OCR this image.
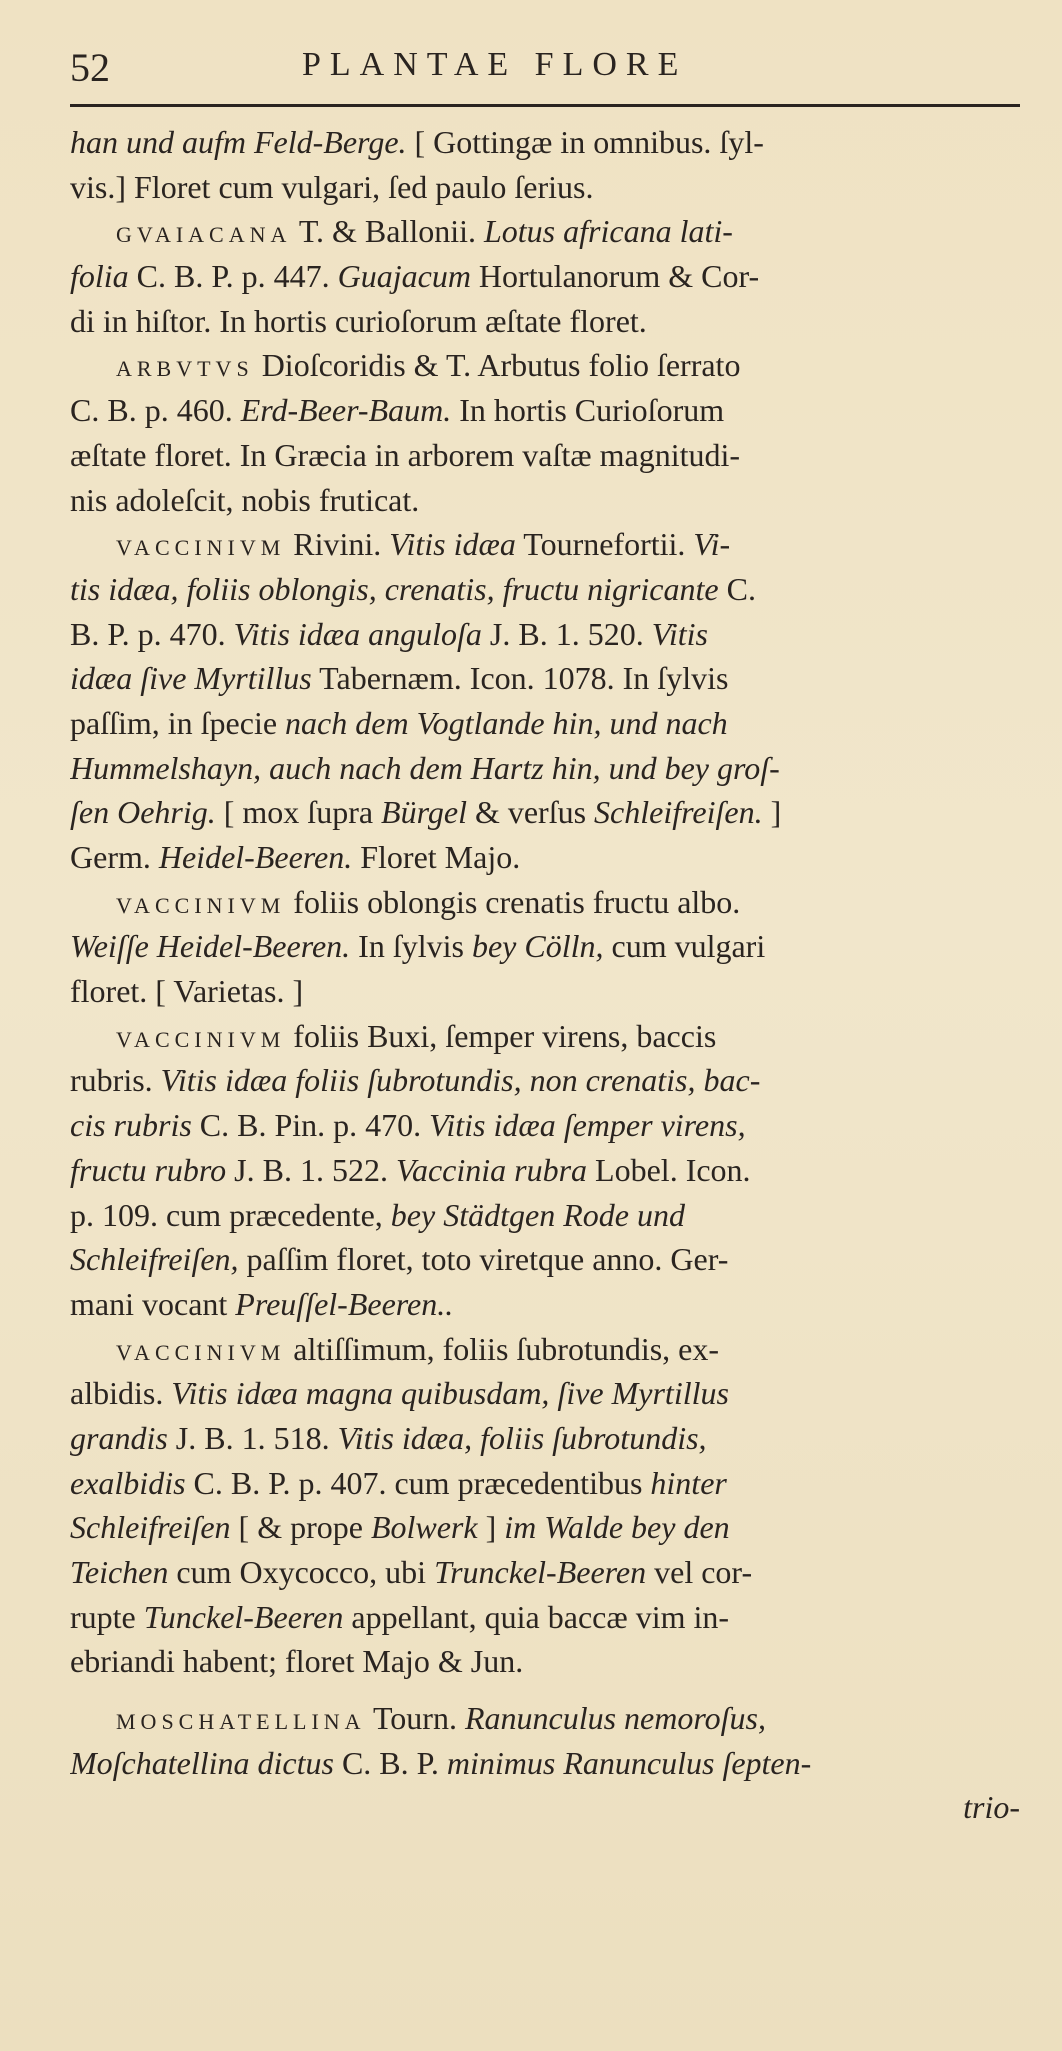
52	PLANTAE FLORE
han und aufm Feld-Berge. [ Gottingæ in omnibus. ſyl-
vis.] Floret cum vulgari, ſed paulo ſerius.
GVAIACANA T. & Ballonii. Lotus africana lati-
folia C. B. P. p. 447. Guajacum Hortulanorum & Cor-
di in hiſtor. In hortis curioſorum æſtate floret.
ARBVTVS Dioſcoridis & T. Arbutus folio ſerrato
C. B. p. 460. Erd-Beer-Baum. In hortis Curioſorum
æſtate floret. In Græcia in arborem vaſtæ magnitudi-
nis adoleſcit, nobis fruticat.
VACCINIVM Rivini. Vitis idæa Tournefortii. Vi-
tis idæa, foliis oblongis, crenatis, fructu nigricante C.
B. P. p. 470. Vitis idæa angulоſa J. B. 1. 520. Vitis
idæa ſive Myrtillus Tabernæm. Icon. 1078. In ſylvis
paſſim, in ſpecie nach dem Vogtlande hin, und nach
Hummelshayn, auch nach dem Hartz hin, und bey groſ-
ſen Oehrig. [ mox ſupra Bürgel & verſus Schleifreiſen. ]
Germ. Heidel-Beeren. Floret Majo.
VACCINIVM foliis oblongis crenatis fructu albo.
Weiſſe Heidel-Beeren. In ſylvis bey Cölln, cum vulgari
floret. [ Varietas. ]
VACCINIVM foliis Buxi, ſemper virens, baccis
rubris. Vitis idæa foliis ſubrotundis, non crenatis, bac-
cis rubris C. B. Pin. p. 470. Vitis idæa ſemper virens,
fructu rubro J. B. 1. 522. Vaccinia rubra Lobel. Icon.
p. 109. cum præcedente, bey Städtgen Rode und
Schleifreiſen, paſſim floret, toto viretque anno. Ger-
mani vocant Preuſſel-Beeren..
VACCINIVM altiſſimum, foliis ſubrotundis, ex-
albidis. Vitis idæa magna quibusdam, ſive Myrtillus
grandis J. B. 1. 518. Vitis idæa, foliis ſubrotundis,
exalbidis C. B. P. p. 407. cum præcedentibus hinter
Schleifreiſen [ & prope Bolwerk ] im Walde bey den
Teichen cum Oxycocco, ubi Trunckel-Beeren vel cor-
rupte Tunckel-Beeren appellant, quia baccæ vim in-
ebriandi habent; floret Majo & Jun.
MOSCHATELLINA Tourn. Ranunculus nemoroſus,
Moſchatellina dictus C. B. P. minimus Ranunculus ſepten-
trio-
